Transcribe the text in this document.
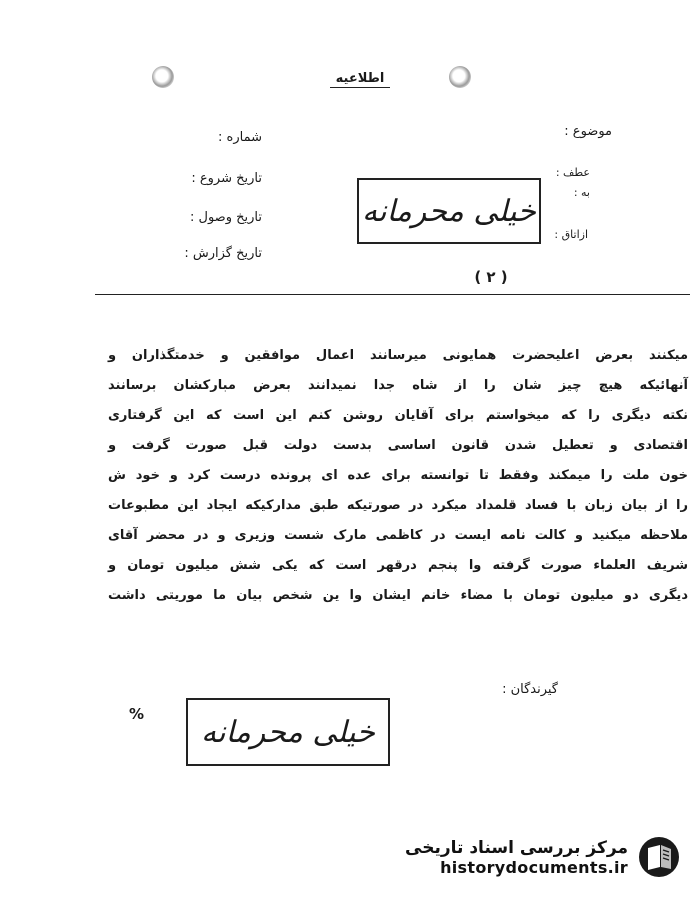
اطلاعیه
موضوع :
عطف :
به :
ازاتاق :
شماره :
تاریخ شروع :
تاریخ وصول :
تاریخ گزارش :
خیلی محرمانه
( ۲ )
میکنند بعرض اعلیحضرت همایونی میرسانند اعمال موافقین و خدمتگذاران و
آنهائیکه هیچ چیز شان را از شاه جدا نمیدانند بعرض مبارکشان برسانند
نکته دیگری را که میخواستم برای آقایان روشن کنم این است که این گرفتاری
اقتصادی و تعطیل شدن قانون اساسی بدست دولت قبل صورت گرفت و
خون ملت را میمکند وفقط تا توانسته برای عده ای پرونده درست کرد و خود ش
را از بیان زبان با فساد قلمداد میکرد در صورتیکه طبق مدارکیکه ایجاد این مطبوعات
ملاحظه میکنید و کالت نامه ایست در کاظمی مارک شست وزیری و در محضر آقای
شریف العلماء صورت گرفته وا پنجم درقهر است که یکی شش میلیون تومان و
دیگری دو میلیون تومان با مضاء خانم ایشان وا ین شخص بیان ما موریتی داشت
گیرندگان :
%
خیلی محرمانه
مرکز بررسی اسناد تاریخی
historydocuments.ir
